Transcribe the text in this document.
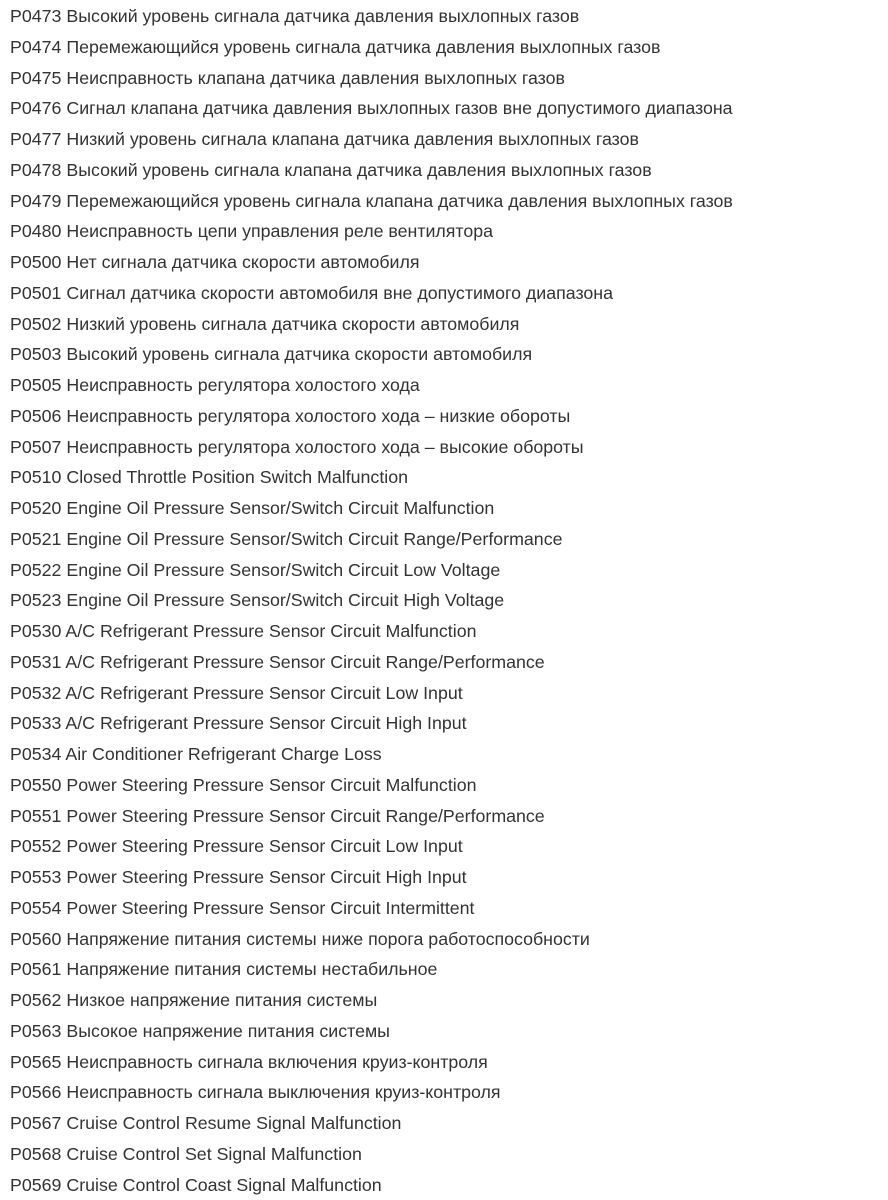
P0473 Высокий уровень сигнала датчика давления выхлопных газов
P0474 Перемежающийся уровень сигнала датчика давления выхлопных газов
P0475 Неисправность клапана датчика давления выхлопных газов
P0476 Сигнал клапана датчика давления выхлопных газов вне допустимого диапазона
P0477 Низкий уровень сигнала клапана датчика давления выхлопных газов
P0478 Высокий уровень сигнала клапана датчика давления выхлопных газов
P0479 Перемежающийся уровень сигнала клапана датчика давления выхлопных газов
P0480 Неисправность цепи управления реле вентилятора
P0500 Нет сигнала датчика скорости автомобиля
P0501 Сигнал датчика скорости автомобиля вне допустимого диапазона
P0502 Низкий уровень сигнала датчика скорости автомобиля
P0503 Высокий уровень сигнала датчика скорости автомобиля
P0505 Неисправность регулятора холостого хода
P0506 Неисправность регулятора холостого хода – низкие обороты
P0507 Неисправность регулятора холостого хода – высокие обороты
P0510 Closed Throttle Position Switch Malfunction
P0520 Engine Oil Pressure Sensor/Switch Circuit Malfunction
P0521 Engine Oil Pressure Sensor/Switch Circuit Range/Performance
P0522 Engine Oil Pressure Sensor/Switch Circuit Low Voltage
P0523 Engine Oil Pressure Sensor/Switch Circuit High Voltage
P0530 A/C Refrigerant Pressure Sensor Circuit Malfunction
P0531 A/C Refrigerant Pressure Sensor Circuit Range/Performance
P0532 A/C Refrigerant Pressure Sensor Circuit Low Input
P0533 A/C Refrigerant Pressure Sensor Circuit High Input
P0534 Air Conditioner Refrigerant Charge Loss
P0550 Power Steering Pressure Sensor Circuit Malfunction
P0551 Power Steering Pressure Sensor Circuit Range/Performance
P0552 Power Steering Pressure Sensor Circuit Low Input
P0553 Power Steering Pressure Sensor Circuit High Input
P0554 Power Steering Pressure Sensor Circuit Intermittent
P0560 Напряжение питания системы ниже порога работоспособности
P0561 Напряжение питания системы нестабильное
P0562 Низкое напряжение питания системы
P0563 Высокое напряжение питания системы
P0565 Неисправность сигнала включения круиз-контроля
P0566 Неисправность сигнала выключения круиз-контроля
P0567 Cruise Control Resume Signal Malfunction
P0568 Cruise Control Set Signal Malfunction
P0569 Cruise Control Coast Signal Malfunction
